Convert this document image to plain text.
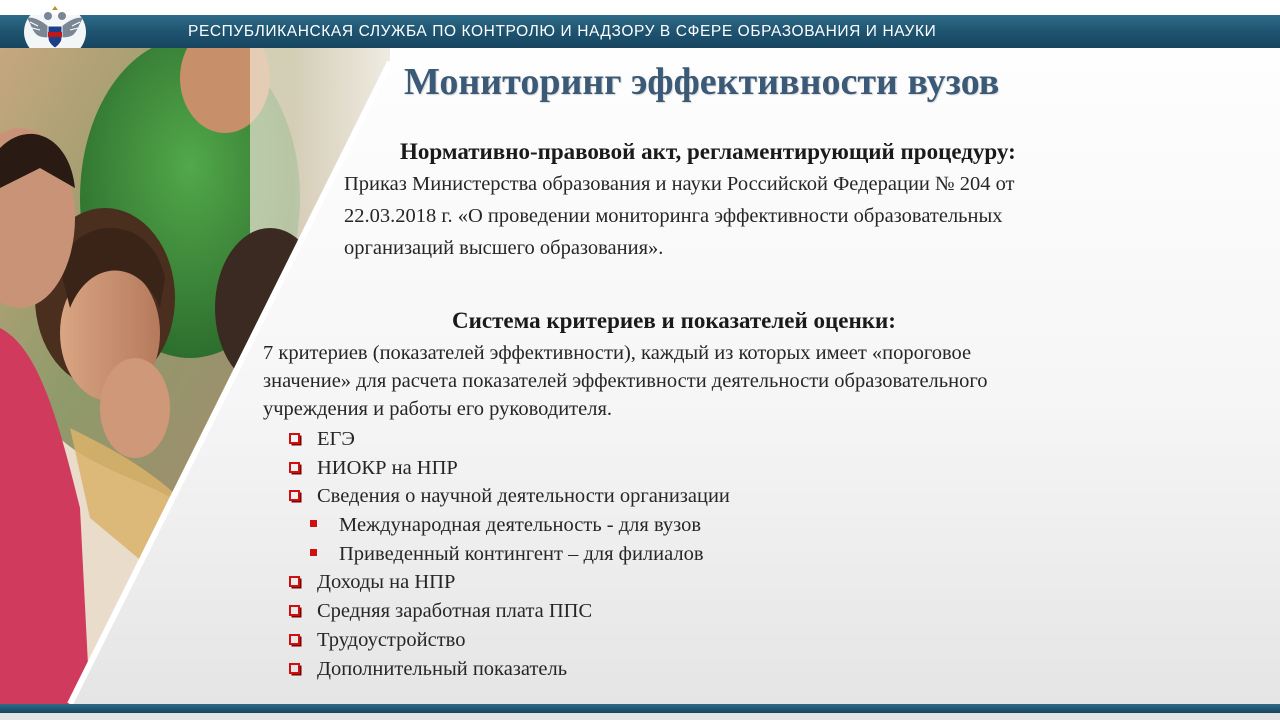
РЕСПУБЛИКАНСКАЯ СЛУЖБА ПО КОНТРОЛЮ И НАДЗОРУ В СФЕРЕ ОБРАЗОВАНИЯ И НАУКИ
Мониторинг эффективности вузов
Нормативно-правовой акт, регламентирующий процедуру:
Приказ Министерства образования и науки Российской Федерации № 204 от
22.03.2018 г. «О проведении мониторинга эффективности образовательных
организаций высшего образования».
Система критериев и показателей оценки:
7 критериев (показателей эффективности), каждый из которых имеет «пороговое
значение» для расчета показателей эффективности деятельности образовательного
учреждения и работы его руководителя.
ЕГЭ
НИОКР на НПР
Сведения о научной деятельности организации
Международная деятельность - для вузов
Приведенный контингент – для филиалов
Доходы на НПР
Средняя заработная плата ППС
Трудоустройство
Дополнительный показатель
